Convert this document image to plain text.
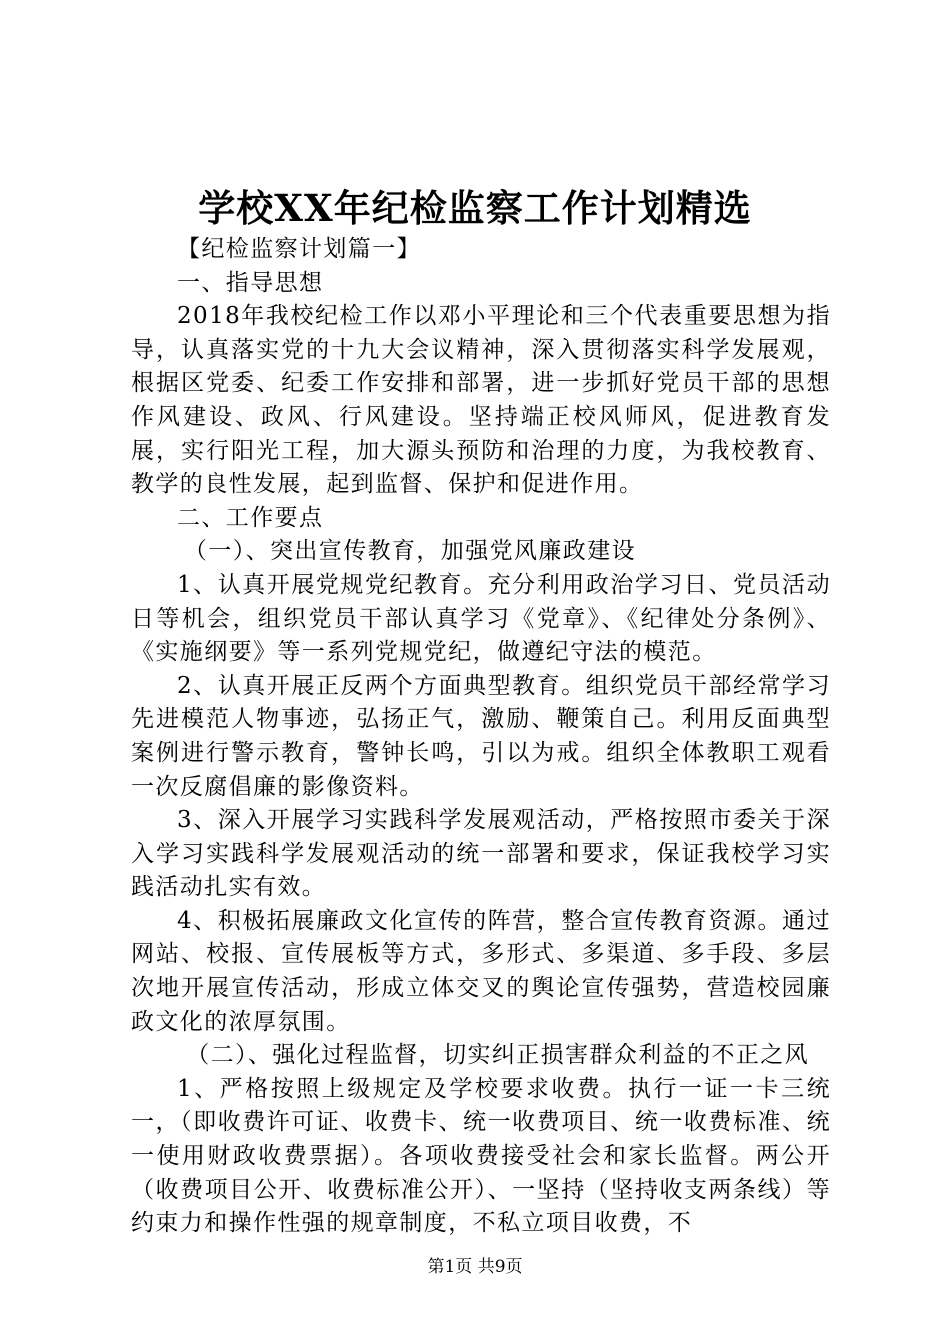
学校XX年纪检监察工作计划精选

【纪检监察计划篇一】

一、指导思想

2018年我校纪检工作以邓小平理论和三个代表重要思想为指导，认真落实党的十九大会议精神，深入贯彻落实科学发展观，根据区党委、纪委工作安排和部署，进一步抓好党员干部的思想作风建设、政风、行风建设。坚持端正校风师风，促进教育发展，实行阳光工程，加大源头预防和治理的力度，为我校教育、教学的良性发展，起到监督、保护和促进作用。

二、工作要点

（一）、突出宣传教育，加强党风廉政建设

1、认真开展党规党纪教育。充分利用政治学习日、党员活动日等机会，组织党员干部认真学习《党章》、《纪律处分条例》、《实施纲要》等一系列党规党纪，做遵纪守法的模范。

2、认真开展正反两个方面典型教育。组织党员干部经常学习先进模范人物事迹，弘扬正气，激励、鞭策自己。利用反面典型案例进行警示教育，警钟长鸣，引以为戒。组织全体教职工观看一次反腐倡廉的影像资料。

3、深入开展学习实践科学发展观活动，严格按照市委关于深入学习实践科学发展观活动的统一部署和要求，保证我校学习实践活动扎实有效。

4、积极拓展廉政文化宣传的阵营，整合宣传教育资源。通过网站、校报、宣传展板等方式，多形式、多渠道、多手段、多层次地开展宣传活动，形成立体交叉的舆论宣传强势，营造校园廉政文化的浓厚氛围。

（二）、强化过程监督，切实纠正损害群众利益的不正之风

1、严格按照上级规定及学校要求收费。执行一证一卡三统一，（即收费许可证、收费卡、统一收费项目、统一收费标准、统一使用财政收费票据）。各项收费接受社会和家长监督。两公开（收费项目公开、收费标准公开）、一坚持（坚持收支两条线）等约束力和操作性强的规章制度，不私立项目收费，不

第1页 共9页
